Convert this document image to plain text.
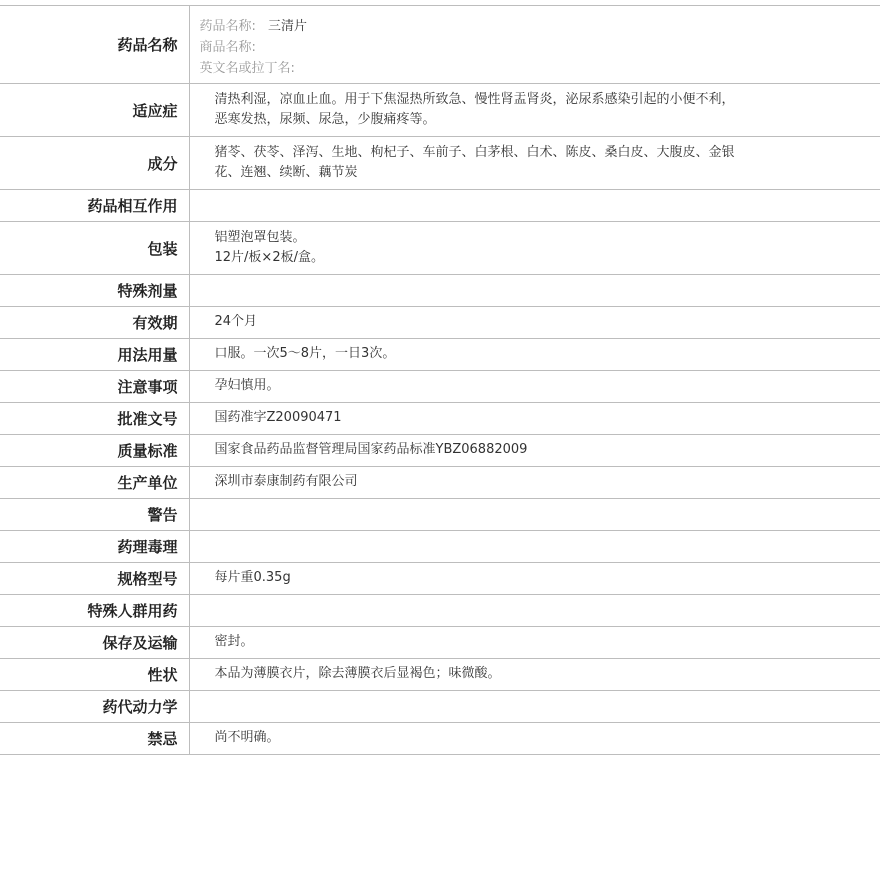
药品名称	药品名称: 三清片
商品名称:
英文名或拉丁名:

适应症	清热利湿，凉血止血。用于下焦湿热所致急、慢性肾盂肾炎，泌尿系感染引起的小便不利，
恶寒发热，尿频、尿急，少腹痛疼等。

成分	猪苓、茯苓、泽泻、生地、枸杞子、车前子、白茅根、白术、陈皮、桑白皮、大腹皮、金银
花、连翘、续断、藕节炭

药品相互作用	
包装	铝塑泡罩包装。
12片/板×2板/盒。

特殊剂量	
有效期	24个月
用法用量	口服。一次5～8片，一日3次。
注意事项	孕妇慎用。
批准文号	国药准字Z20090471
质量标准	国家食品药品监督管理局国家药品标准YBZ06882009
生产单位	深圳市泰康制药有限公司
警告	
药理毒理	
规格型号	每片重0.35g
特殊人群用药	
保存及运输	密封。
性状	本品为薄膜衣片，除去薄膜衣后显褐色；味微酸。
药代动力学	
禁忌	尚不明确。
